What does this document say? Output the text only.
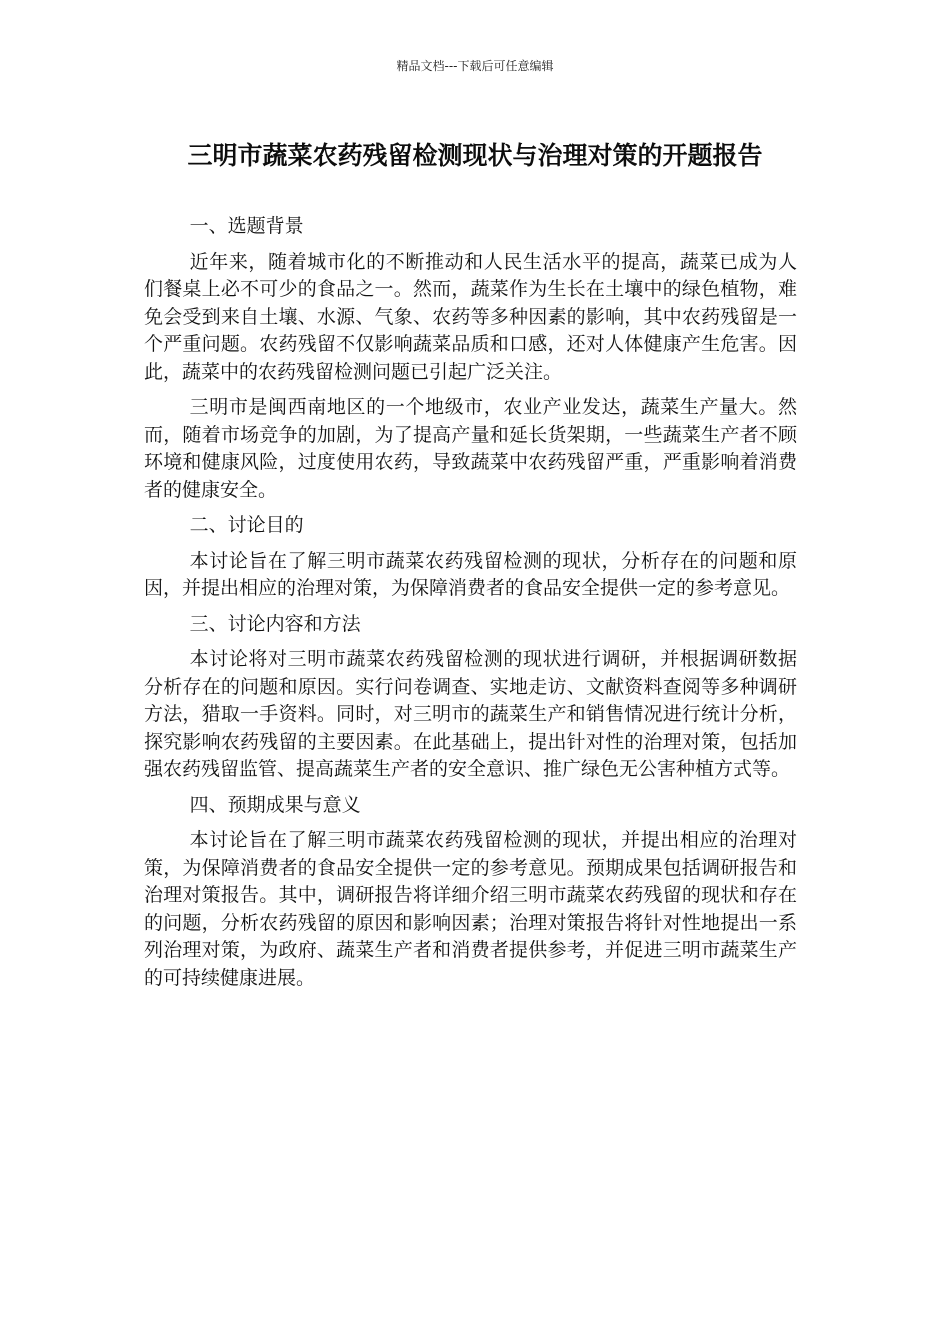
精品文档---下载后可任意编辑
三明市蔬菜农药残留检测现状与治理对策的开题报告

一、选题背景

近年来，随着城市化的不断推动和人民生活水平的提高，蔬菜已成为人们餐桌上必不可少的食品之一。然而，蔬菜作为生长在土壤中的绿色植物，难免会受到来自土壤、水源、气象、农药等多种因素的影响，其中农药残留是一个严重问题。农药残留不仅影响蔬菜品质和口感，还对人体健康产生危害。因此，蔬菜中的农药残留检测问题已引起广泛关注。

三明市是闽西南地区的一个地级市，农业产业发达，蔬菜生产量大。然而，随着市场竞争的加剧，为了提高产量和延长货架期，一些蔬菜生产者不顾环境和健康风险，过度使用农药，导致蔬菜中农药残留严重，严重影响着消费者的健康安全。

二、讨论目的

本讨论旨在了解三明市蔬菜农药残留检测的现状，分析存在的问题和原因，并提出相应的治理对策，为保障消费者的食品安全提供一定的参考意见。

三、讨论内容和方法

本讨论将对三明市蔬菜农药残留检测的现状进行调研，并根据调研数据分析存在的问题和原因。实行问卷调查、实地走访、文献资料查阅等多种调研方法，猎取一手资料。同时，对三明市的蔬菜生产和销售情况进行统计分析，探究影响农药残留的主要因素。在此基础上，提出针对性的治理对策，包括加强农药残留监管、提高蔬菜生产者的安全意识、推广绿色无公害种植方式等。

四、预期成果与意义

本讨论旨在了解三明市蔬菜农药残留检测的现状，并提出相应的治理对策，为保障消费者的食品安全提供一定的参考意见。预期成果包括调研报告和治理对策报告。其中，调研报告将详细介绍三明市蔬菜农药残留的现状和存在的问题，分析农药残留的原因和影响因素；治理对策报告将针对性地提出一系列治理对策，为政府、蔬菜生产者和消费者提供参考，并促进三明市蔬菜生产的可持续健康进展。
